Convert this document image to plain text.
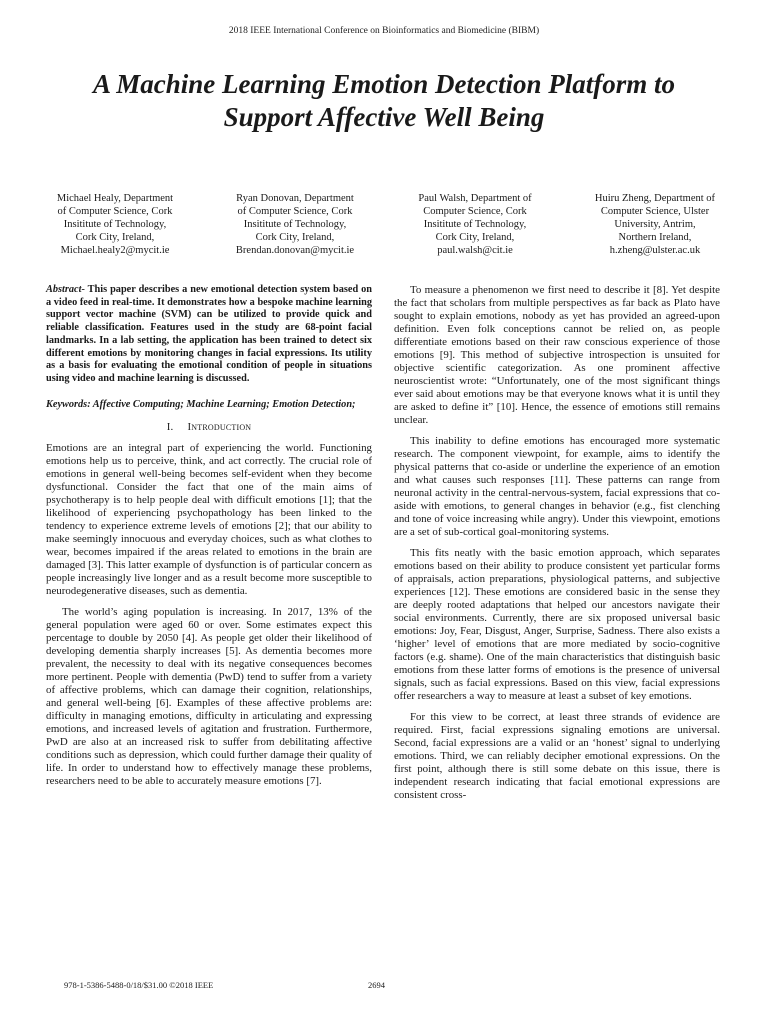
2018 IEEE International Conference on Bioinformatics and Biomedicine (BIBM)
A Machine Learning Emotion Detection Platform to
Support Affective Well Being
Michael Healy, Department
of Computer Science, Cork
Insititute of Technology,
Cork City, Ireland,
Michael.healy2@mycit.ie
Ryan Donovan, Department
of Computer Science, Cork
Insititute of Technology,
Cork City, Ireland,
Brendan.donovan@mycit.ie
Paul Walsh, Department of
Computer Science, Cork
Insititute of Technology,
Cork City, Ireland,
paul.walsh@cit.ie
Huiru Zheng, Department of
Computer Science, Ulster
University, Antrim,
Northern Ireland,
h.zheng@ulster.ac.uk

Abstract- This paper describes a new emotional detection system based on a video feed in real-time. It demonstrates how a bespoke machine learning support vector machine (SVM) can be utilized to provide quick and reliable classification. Features used in the study are 68-point facial landmarks. In a lab setting, the application has been trained to detect six different emotions by monitoring changes in facial expressions. Its utility as a basis for evaluating the emotional condition of people in situations using video and machine learning is discussed.

Keywords: Affective Computing; Machine Learning; Emotion Detection;

I. Introduction

Emotions are an integral part of experiencing the world. Functioning emotions help us to perceive, think, and act correctly. The crucial role of emotions in general well-being becomes self-evident when they become dysfunctional. Consider the fact that one of the main aims of psychotherapy is to help people deal with difficult emotions [1]; that the likelihood of experiencing psychopathology has been linked to the tendency to experience extreme levels of emotions [2]; that our ability to make seemingly innocuous and everyday choices, such as what clothes to wear, becomes impaired if the areas related to emotions in the brain are damaged [3]. This latter example of dysfunction is of particular concern as people increasingly live longer and as a result become more susceptible to neurodegenerative diseases, such as dementia.

The world’s aging population is increasing. In 2017, 13% of the general population were aged 60 or over. Some estimates expect this percentage to double by 2050 [4]. As people get older their likelihood of developing dementia sharply increases [5]. As dementia becomes more prevalent, the necessity to deal with its negative consequences becomes more pertinent. People with dementia (PwD) tend to suffer from a variety of affective problems, which can damage their cognition, relationships, and general well-being [6]. Examples of these affective problems are: difficulty in managing emotions, difficulty in articulating and expressing emotions, and increased levels of agitation and frustration. Furthermore, PwD are also at an increased risk to suffer from debilitating affective conditions such as depression, which could further damage their quality of life. In order to understand how to effectively manage these problems, researchers need to be able to accurately measure emotions [7].

To measure a phenomenon we first need to describe it [8]. Yet despite the fact that scholars from multiple perspectives as far back as Plato have sought to explain emotions, nobody as yet has provided an agreed-upon definition. Even folk conceptions cannot be relied on, as people differentiate emotions based on their raw conscious experience of those emotions [9]. This method of subjective introspection is unsuited for objective scientific categorization. As one prominent affective neuroscientist wrote: “Unfortunately, one of the most significant things ever said about emotions may be that everyone knows what it is until they are asked to define it” [10]. Hence, the essence of emotions still remains unclear.

This inability to define emotions has encouraged more systematic research. The component viewpoint, for example, aims to identify the physical patterns that co-aside or underline the experience of an emotion and what causes such responses [11]. These patterns can range from neuronal activity in the central-nervous-system, facial expressions that co-aside with emotions, to general changes in behavior (e.g., fist clenching and tone of voice increasing while angry). Under this viewpoint, emotions are a set of sub-cortical goal-monitoring systems.

This fits neatly with the basic emotion approach, which separates emotions based on their ability to produce consistent yet particular forms of appraisals, action preparations, physiological patterns, and subjective experiences [12]. These emotions are considered basic in the sense they are deeply rooted adaptations that helped our ancestors navigate their social environments. Currently, there are six proposed universal basic emotions: Joy, Fear, Disgust, Anger, Surprise, Sadness. There also exists a ‘higher’ level of emotions that are more mediated by socio-cognitive factors (e.g. shame). One of the main characteristics that distinguish basic emotions from these latter forms of emotions is the presence of universal signals, such as facial expressions. Based on this view, facial expressions offer researchers a way to measure at least a subset of key emotions.

For this view to be correct, at least three strands of evidence are required. First, facial expressions signaling emotions are universal. Second, facial expressions are a valid or an ‘honest’ signal to underlying emotions. Third, we can reliably decipher emotional expressions. On the first point, although there is still some debate on this issue, there is independent research indicating that facial emotional expressions are consistent cross-

978-1-5386-5488-0/18/$31.00 ©2018 IEEE	2694
